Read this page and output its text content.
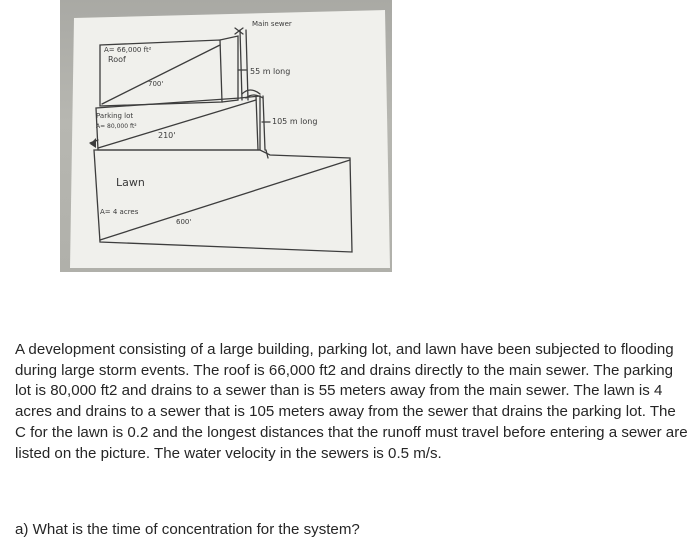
Main sewer
A= 66,000 ft²
Roof
700'
55 m long
Parking lot
A= 80,000 ft²
210'
105 m long
Lawn
A= 4 acres
600'

A development consisting of a large building, parking lot, and lawn have been subjected to flooding during large storm events. The roof is 66,000 ft2 and drains directly to the main sewer. The parking lot is 80,000 ft2 and drains to a sewer than is 55 meters away from the main sewer. The lawn is 4 acres and drains to a sewer that is 105 meters away from the sewer that drains the parking lot. The C for the lawn is 0.2 and the longest distances that the runoff must travel before entering a sewer are listed on the picture. The water velocity in the sewers is 0.5 m/s.

a) What is the time of concentration for the system?
